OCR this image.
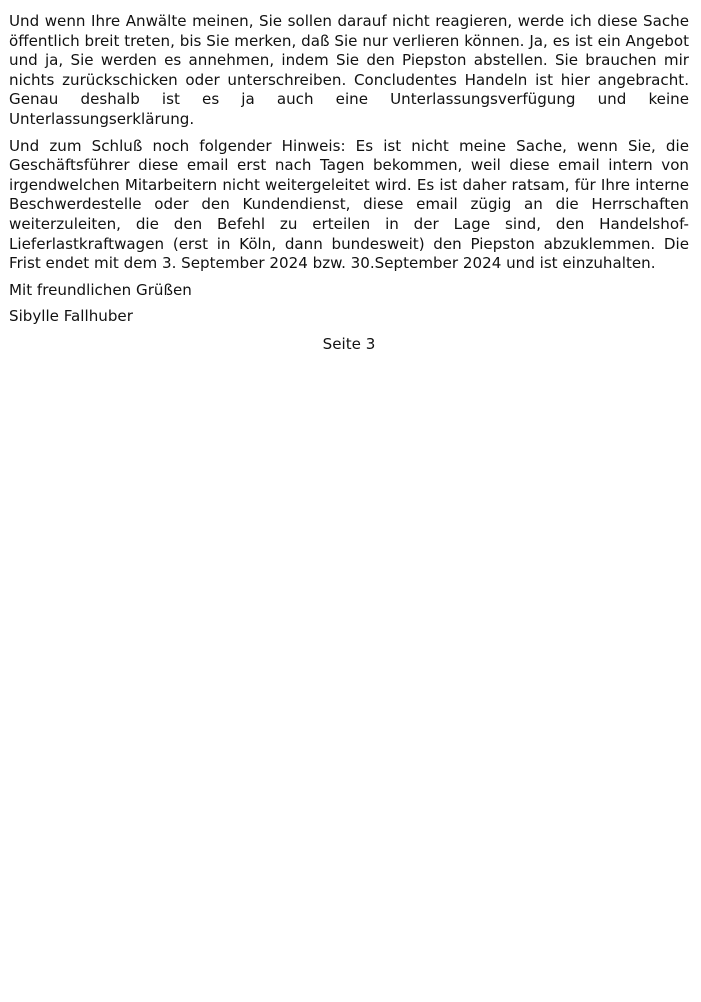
Und wenn Ihre Anwälte meinen, Sie sollen darauf nicht reagieren, werde ich diese Sache öffentlich breit treten, bis Sie merken, daß Sie nur verlieren können. Ja, es ist ein Angebot und ja, Sie werden es annehmen, indem Sie den Piepston abstellen. Sie brauchen mir nichts zurückschicken oder unterschreiben. Concludentes Handeln ist hier angebracht. Genau deshalb ist es ja auch eine Unterlassungsverfügung und keine Unterlassungserklärung.

Und zum Schluß noch folgender Hinweis: Es ist nicht meine Sache, wenn Sie, die Geschäftsführer diese email erst nach Tagen bekommen, weil diese email intern von irgendwelchen Mitarbeitern nicht weitergeleitet wird. Es ist daher ratsam, für Ihre interne Beschwerdestelle oder den Kundendienst, diese email zügig an die Herrschaften weiterzuleiten, die den Befehl zu erteilen in der Lage sind, den Handelshof-Lieferlastkraftwagen (erst in Köln, dann bundesweit) den Piepston abzuklemmen. Die Frist endet mit dem 3. September 2024 bzw. 30.September 2024 und ist einzuhalten.

Mit freundlichen Grüßen

Sibylle Fallhuber

Seite 3
